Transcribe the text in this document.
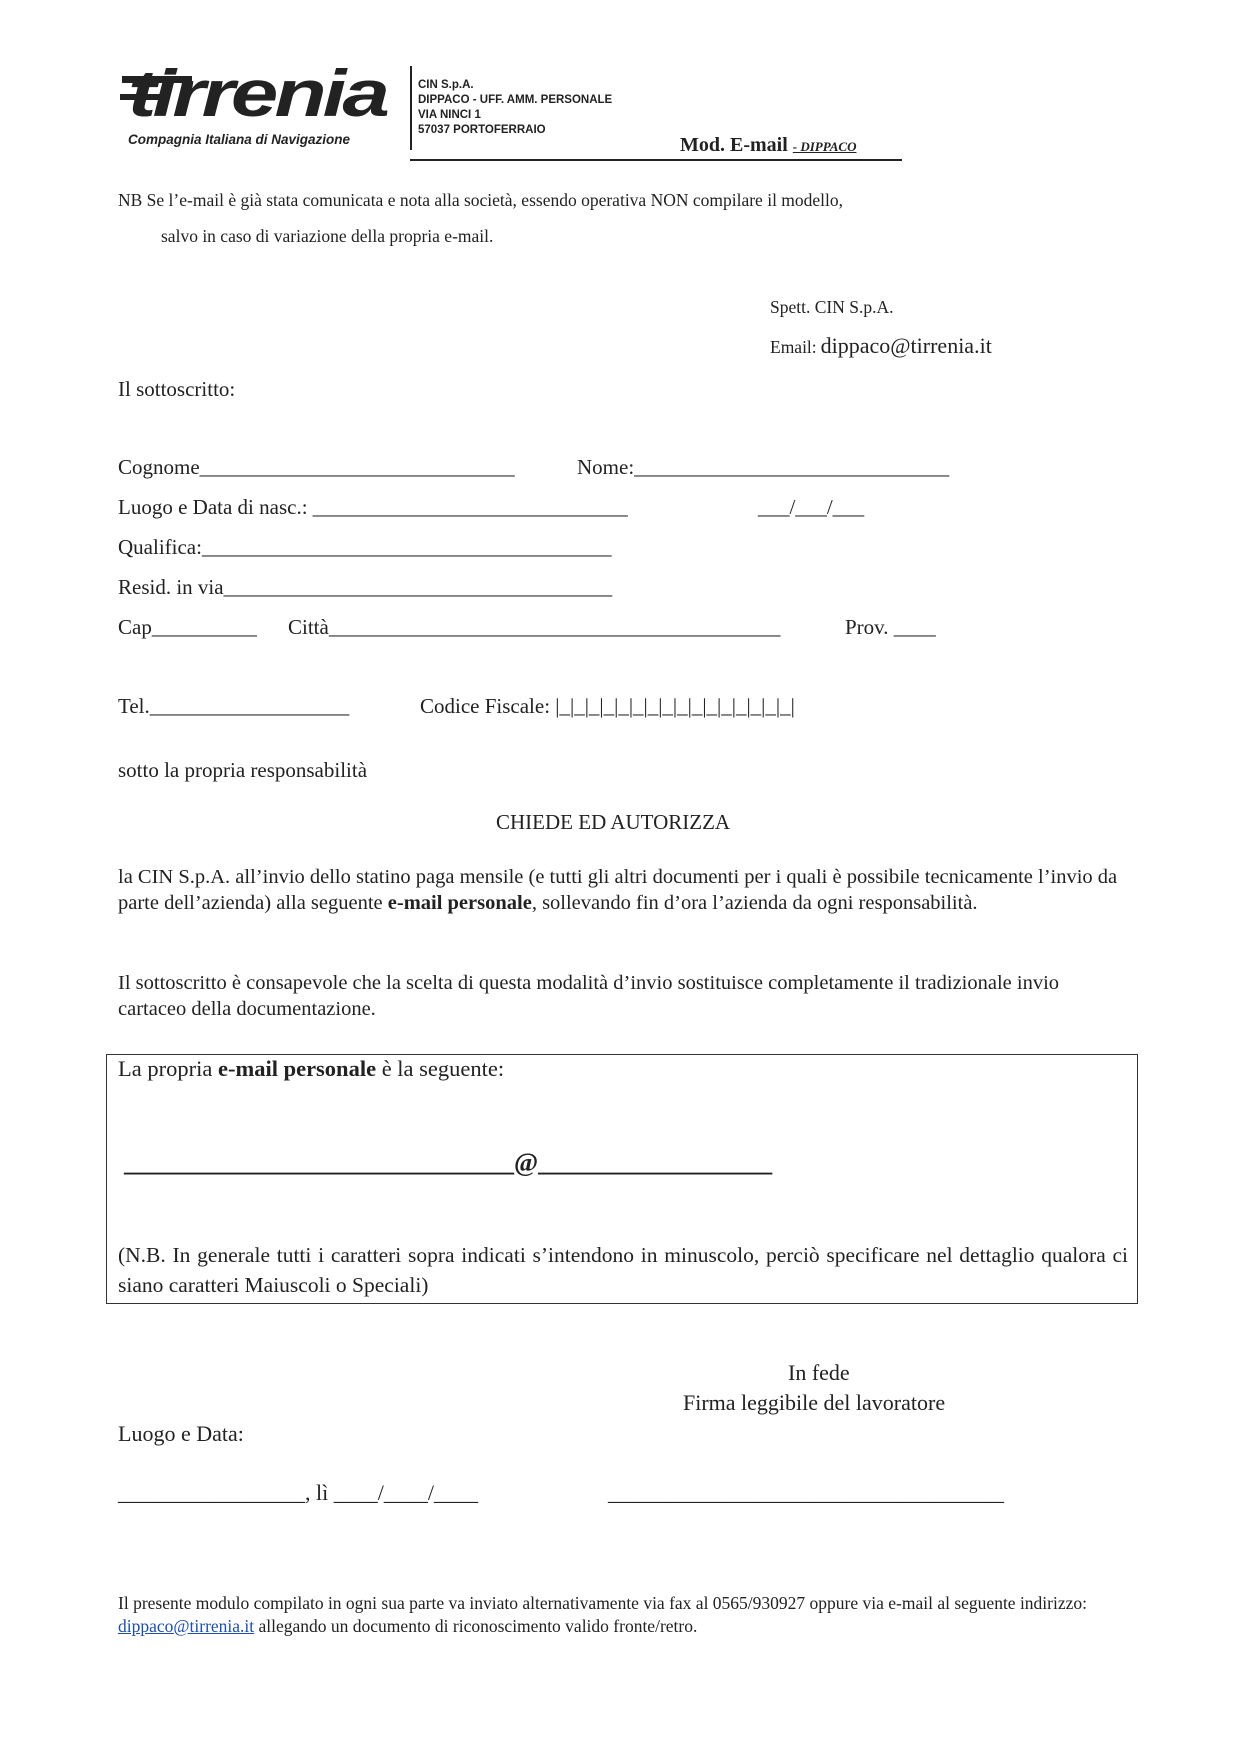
tirrenia
Compagnia Italiana di Navigazione
CIN S.p.A.
DIPPACO - UFF. AMM. PERSONALE
VIA NINCI 1
57037 PORTOFERRAIO
Mod. E-mail - DIPPACO
NB Se l’e-mail è già stata comunicata e nota alla società, essendo operativa NON compilare il modello,
salvo in caso di variazione della propria e-mail.
Spett. CIN S.p.A.
Email: dippaco@tirrenia.it
Il sottoscritto:
Cognome______________________________	Nome:______________________________
Luogo e Data di nasc.: ______________________________	___/___/___
Qualifica:_______________________________________
Resid. in via_____________________________________
Cap__________ Città___________________________________________	Prov. ____
Tel.___________________	Codice Fiscale: |_|_|_|_|_|_|_|_|_|_|_|_|_|_|_|_|
sotto la propria responsabilità
CHIEDE ED AUTORIZZA
la CIN S.p.A. all’invio dello statino paga mensile (e tutti gli altri documenti per i quali è possibile tecnicamente l’invio da parte dell’azienda) alla seguente e-mail personale, sollevando fin d’ora l’azienda da ogni responsabilità.
Il sottoscritto è consapevole che la scelta di questa modalità d’invio sostituisce completamente il tradizionale invio cartaceo della documentazione.
La propria e-mail personale è la seguente:
______________________________@__________________
(N.B. In generale tutti i caratteri sopra indicati s’intendono in minuscolo, perciò specificare nel dettaglio qualora ci siano caratteri Maiuscoli o Speciali)
In fede
Firma leggibile del lavoratore
Luogo e Data:
_________________, lì ____/____/____	____________________________________
Il presente modulo compilato in ogni sua parte va inviato alternativamente via fax al 0565/930927 oppure via e-mail al seguente indirizzo: dippaco@tirrenia.it allegando un documento di riconoscimento valido fronte/retro.
